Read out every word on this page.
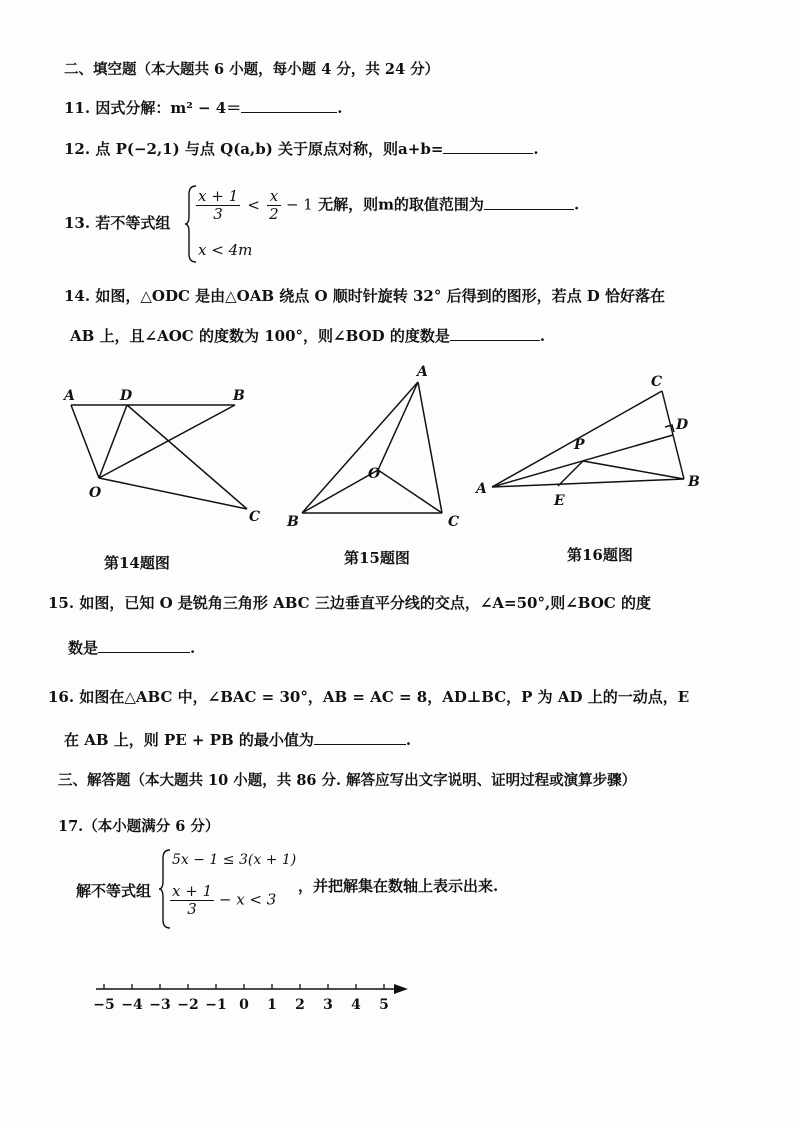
二、填空题（本大题共 6 小题，每小题 4 分，共 24 分）
11. 因式分解：m² − 4＝	.
12. 点 P(−2,1) 与点 Q(a,b) 关于原点对称，则a+b=	.
13. 若不等式组 $\frac{x + 1}{3} < \frac{x}{2} - 1$ 无解，则m的取值范围为	.
x < 4m
14. 如图，△ODC 是由△OAB 绕点 O 顺时针旋转 32° 后得到的图形，若点 D 恰好落在
AB 上，且∠AOC 的度数为 100°，则∠BOD 的度数是	.
A	D	B
O
C
A
O
B	C
C
D
P
A
E
B
第14题图	第15题图	第16题图
15. 如图，已知 O 是锐角三角形 ABC 三边垂直平分线的交点，∠A=50°,则∠BOC 的度
数是	.
16. 如图在△ABC 中，∠BAC = 30°，AB = AC = 8，AD⊥BC，P 为 AD 上的一动点，E
在 AB 上，则 PE + PB 的最小值为	.
三、解答题（本大题共 10 小题，共 86 分. 解答应写出文字说明、证明过程或演算步骤）
17.（本小题满分 6 分）
解不等式组
5x − 1 ≤ 3(x + 1)
$\frac{x + 1}{3} - x < 3$
，并把解集在数轴上表示出来.
−5 −4 −3 −2 −1 0 1 2 3 4 5
